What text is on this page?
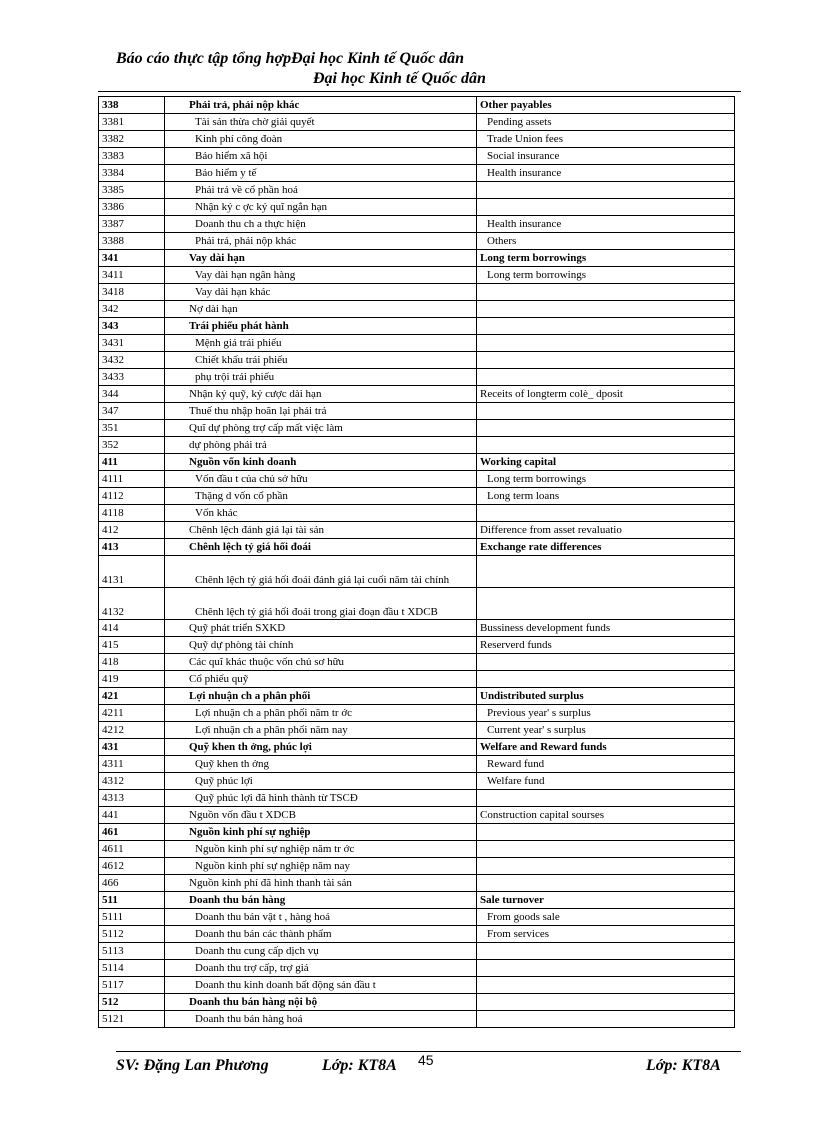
Báo cáo thực tập tổng hợpĐại học Kinh tế Quốc dân
Đại học Kinh tế Quốc dân
338	Phải trả, phải nộp khác	Other payables
3381	Tài sản thừa chờ giải quyết	Pending assets
3382	Kinh phí công đoàn	Trade Union fees
3383	Bảo hiểm xã hội	Social insurance
3384	Bảo hiểm y tế	Health insurance
3385	Phải trả về cổ phần hoá	
3386	Nhận ký c ợc ký quĩ ngắn hạn	
3387	Doanh thu ch a thực hiện	Health insurance
3388	Phải trả, phải nộp khác	Others
341	Vay dài hạn	Long term borrowings
3411	Vay dài hạn ngân hàng	Long term borrowings
3418	Vay dài hạn khác	
342	Nợ dài hạn	
343	Trái phiếu phát hành	
3431	Mệnh giá trái phiếu	
3432	Chiết khấu trái phiếu	
3433	phụ trội trái phiếu	
344	Nhận ký quỹ, ký cược dài hạn	Receits of longterm colè_ dposit
347	Thuế thu nhập hoãn lại phải trả	
351	Quĩ dự phòng trợ cấp mất việc làm	
352	dự phòng phải trả	
411	Nguồn vốn kinh doanh	Working capital
4111	Vốn đầu t của chủ sở hữu	Long term borrowings
4112	Thặng d vốn cổ phần	Long term loans
4118	Vốn khác	
412	Chênh lệch đánh giá lại tài sản	Difference from asset revaluatio
413	Chênh lệch tỷ giá hối đoái	Exchange rate differences
4131	Chênh lệch tỷ giá hối đoái đánh giá lại cuối năm tài chính	
4132	Chênh lệch tỷ giá hối đoái trong giai đoạn đầu t XDCB	
414	Quỹ phát triển SXKD	Bussiness development funds
415	Quỹ dự phòng tài chính	Reserverd funds
418	Các quĩ khác thuộc vốn chủ sơ hữu	
419	Cổ phiếu quỹ	
421	Lợi nhuận ch a phân phối	Undistributed surplus
4211	Lợi nhuận ch a phân phối năm tr ớc	Previous year' s surplus
4212	Lợi nhuận ch a phân phối năm nay	Current year' s surplus
431	Quỹ khen th ởng, phúc lợi	Welfare and Reward funds
4311	Quỹ khen th ởng	Reward fund
4312	Quỹ phúc lợi	Welfare fund
4313	Quỹ phúc lợi đã hình thành từ TSCĐ	
441	Nguồn vốn đầu t XDCB	Construction capital sourses
461	Nguồn kinh phí sự nghiệp	
4611	Nguồn kinh phí sự nghiệp năm tr ớc	
4612	Nguồn kinh phí sự nghiệp năm nay	
466	Nguồn kinh phí đã hình thanh tài sản	
511	Doanh thu bán hàng	Sale turnover
5111	Doanh thu bán vật t , hàng hoá	From goods sale
5112	Doanh thu bán các thành phẩm	From services
5113	Doanh thu cung cấp dịch vụ	
5114	Doanh thu trợ cấp, trợ giá	
5117	Doanh thu kinh doanh bất động sản đầu t	
512	Doanh thu bán hàng nội bộ	
5121	Doanh thu bán hàng hoá	
SV: Đặng Lan Phương	Lớp: KT8A 45	Lớp: KT8A
